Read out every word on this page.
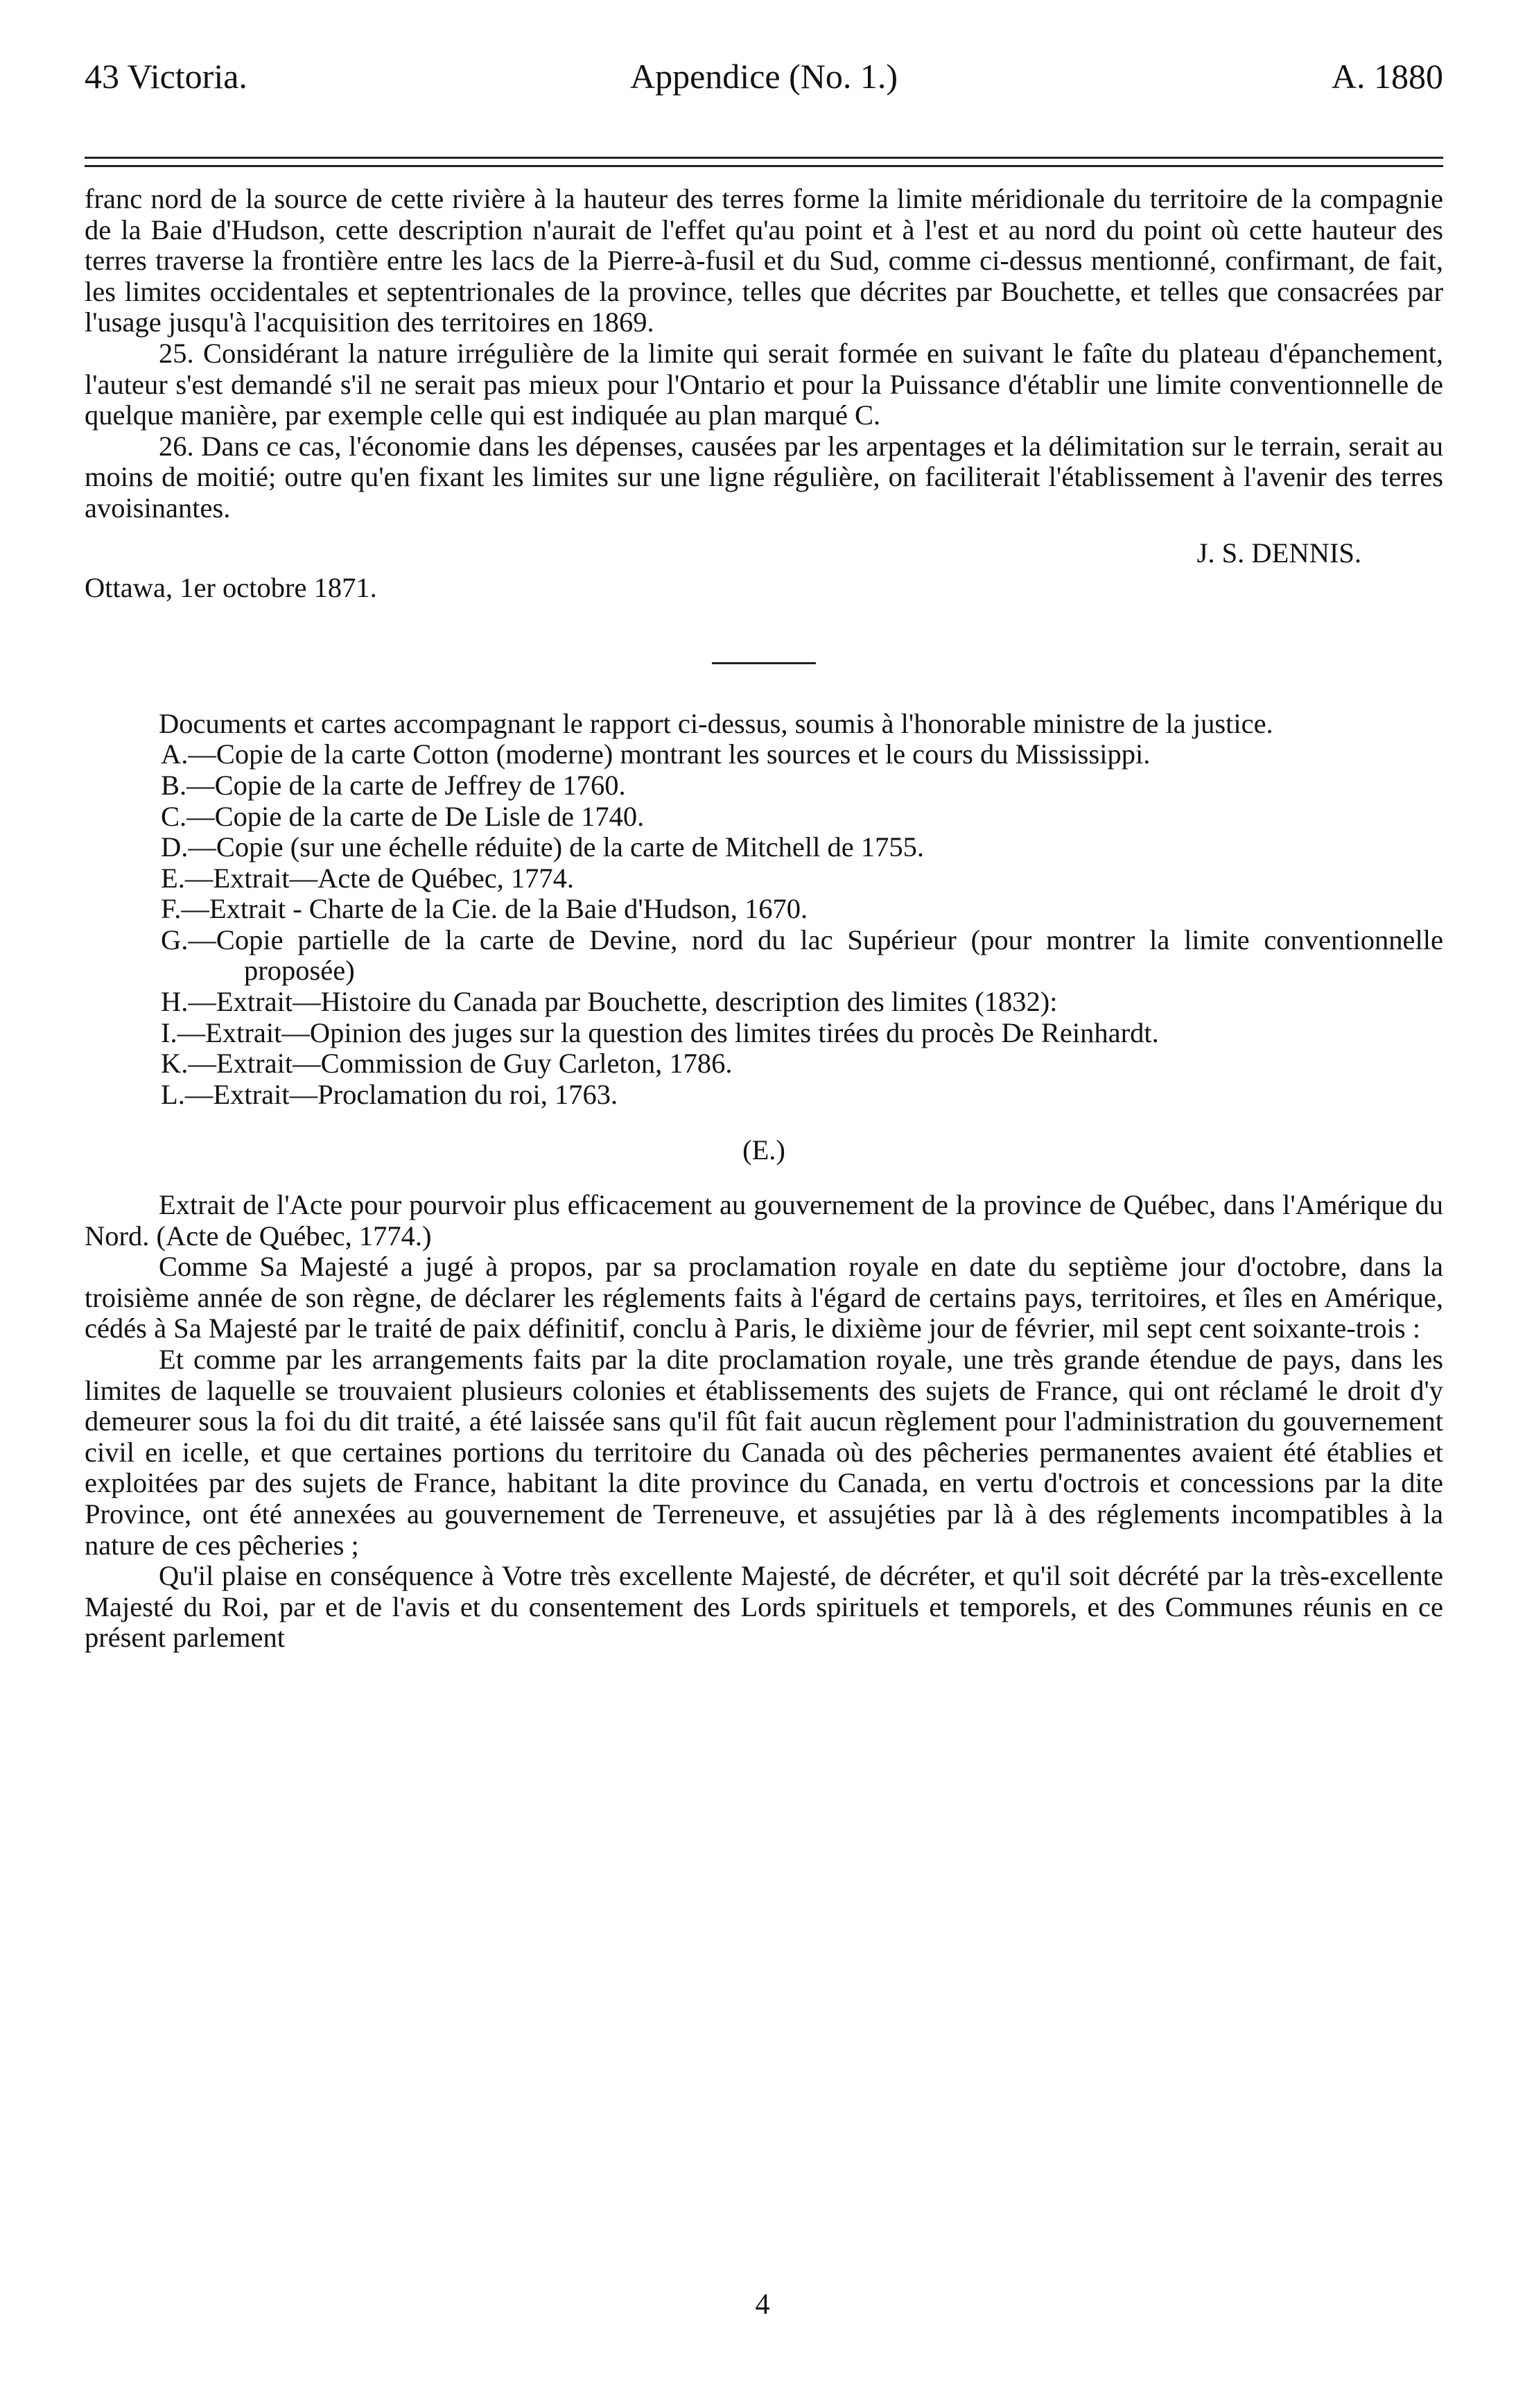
43 Victoria.	Appendice (No. 1.)	A. 1880

franc nord de la source de cette rivière à la hauteur des terres forme la limite méridionale du territoire de la compagnie de la Baie d'Hudson, cette description n'aurait de l'effet qu'au point et à l'est et au nord du point où cette hauteur des terres traverse la frontière entre les lacs de la Pierre-à-fusil et du Sud, comme ci-dessus mentionné, confirmant, de fait, les limites occidentales et septentrionales de la province, telles que décrites par Bouchette, et telles que consacrées par l'usage jusqu'à l'acquisition des territoires en 1869.

25. Considérant la nature irrégulière de la limite qui serait formée en suivant le faîte du plateau d'épanchement, l'auteur s'est demandé s'il ne serait pas mieux pour l'Ontario et pour la Puissance d'établir une limite conventionnelle de quelque manière, par exemple celle qui est indiquée au plan marqué C.

26. Dans ce cas, l'économie dans les dépenses, causées par les arpentages et la délimitation sur le terrain, serait au moins de moitié; outre qu'en fixant les limites sur une ligne régulière, on faciliterait l'établissement à l'avenir des terres avoisinantes.

J. S. DENNIS.

Ottawa, 1er octobre 1871.

Documents et cartes accompagnant le rapport ci-dessus, soumis à l'honorable ministre de la justice.

A.—Copie de la carte Cotton (moderne) montrant les sources et le cours du Mississippi.
B.—Copie de la carte de Jeffrey de 1760.
C.—Copie de la carte de De Lisle de 1740.
D.—Copie (sur une échelle réduite) de la carte de Mitchell de 1755.
E.—Extrait—Acte de Québec, 1774.
F.—Extrait - Charte de la Cie. de la Baie d'Hudson, 1670.
G.—Copie partielle de la carte de Devine, nord du lac Supérieur (pour montrer la limite conventionnelle proposée)
H.—Extrait—Histoire du Canada par Bouchette, description des limites (1832):
I.—Extrait—Opinion des juges sur la question des limites tirées du procès De Reinhardt.
K.—Extrait—Commission de Guy Carleton, 1786.
L.—Extrait—Proclamation du roi, 1763.

(E.)

Extrait de l'Acte pour pourvoir plus efficacement au gouvernement de la province de Québec, dans l'Amérique du Nord. (Acte de Québec, 1774.)

Comme Sa Majesté a jugé à propos, par sa proclamation royale en date du septième jour d'octobre, dans la troisième année de son règne, de déclarer les réglements faits à l'égard de certains pays, territoires, et îles en Amérique, cédés à Sa Majesté par le traité de paix définitif, conclu à Paris, le dixième jour de février, mil sept cent soixante-trois :

Et comme par les arrangements faits par la dite proclamation royale, une très grande étendue de pays, dans les limites de laquelle se trouvaient plusieurs colonies et établissements des sujets de France, qui ont réclamé le droit d'y demeurer sous la foi du dit traité, a été laissée sans qu'il fût fait aucun règlement pour l'administration du gouvernement civil en icelle, et que certaines portions du territoire du Canada où des pêcheries permanentes avaient été établies et exploitées par des sujets de France, habitant la dite province du Canada, en vertu d'octrois et concessions par la dite Province, ont été annexées au gouvernement de Terreneuve, et assujéties par là à des réglements incompatibles à la nature de ces pêcheries ;

Qu'il plaise en conséquence à Votre très excellente Majesté, de décréter, et qu'il soit décrété par la très-excellente Majesté du Roi, par et de l'avis et du consentement des Lords spirituels et temporels, et des Communes réunis en ce présent parlement

4
